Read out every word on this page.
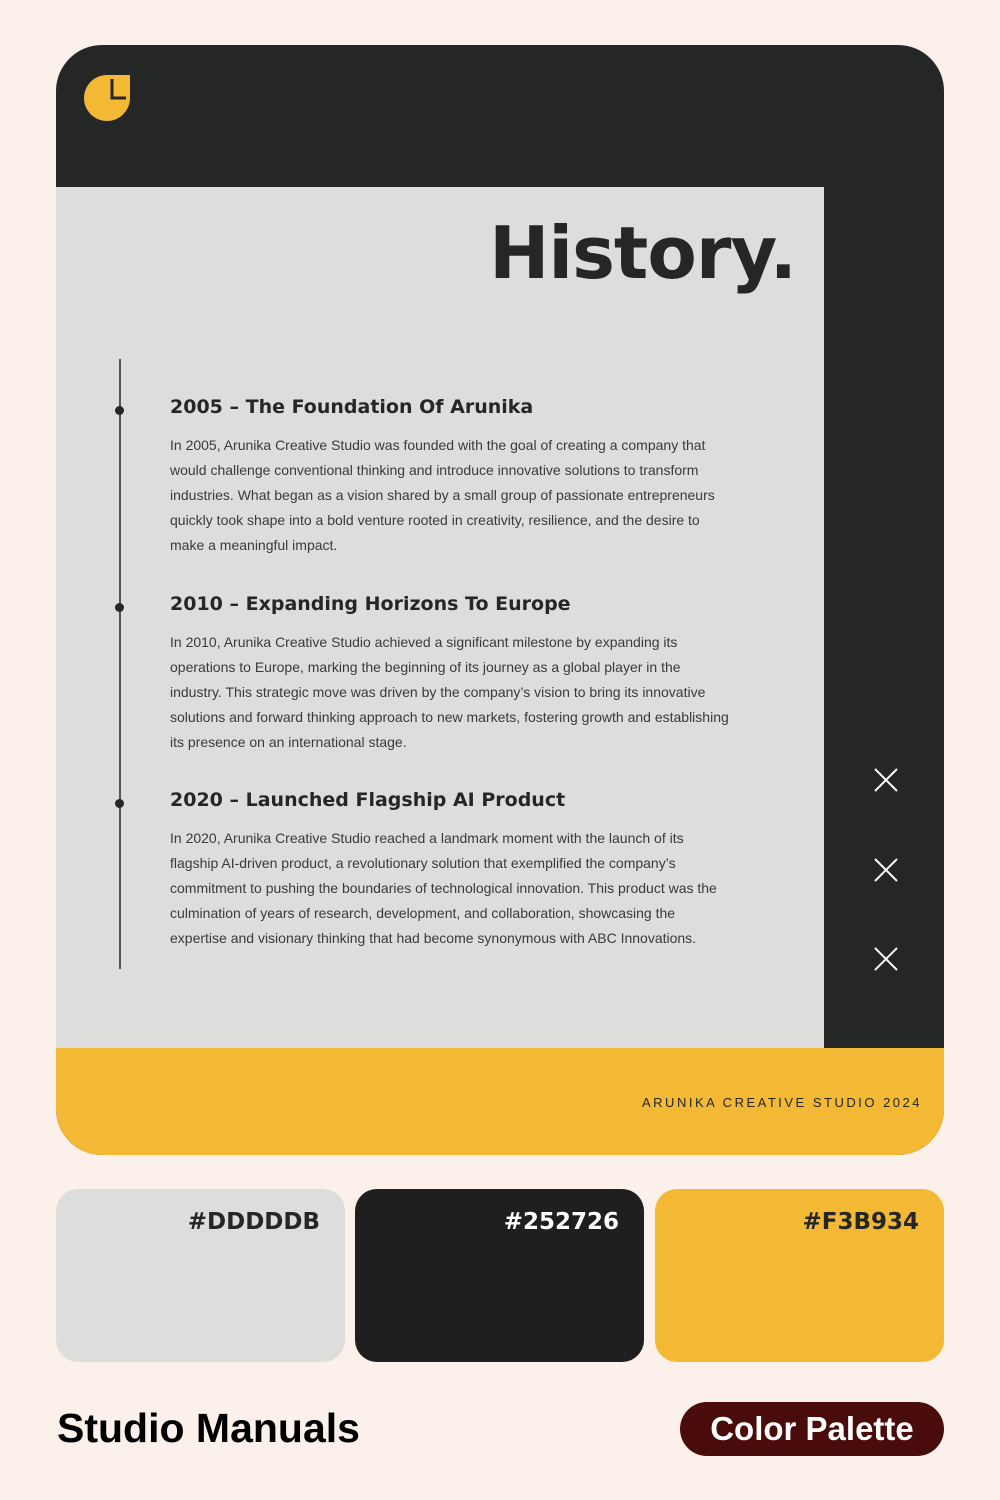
History.
2005 – The Foundation Of Arunika

In 2005, Arunika Creative Studio was founded with the goal of creating a company that would challenge conventional thinking and introduce innovative solutions to transform industries. What began as a vision shared by a small group of passionate entrepreneurs quickly took shape into a bold venture rooted in creativity, resilience, and the desire to make a meaningful impact.

2010 – Expanding Horizons To Europe

In 2010, Arunika Creative Studio achieved a significant milestone by expanding its operations to Europe, marking the beginning of its journey as a global player in the industry. This strategic move was driven by the company’s vision to bring its innovative solutions and forward thinking approach to new markets, fostering growth and establishing its presence on an international stage.

2020 – Launched Flagship AI Product

In 2020, Arunika Creative Studio reached a landmark moment with the launch of its flagship AI-driven product, a revolutionary solution that exemplified the company’s commitment to pushing the boundaries of technological innovation. This product was the culmination of years of research, development, and collaboration, showcasing the expertise and visionary thinking that had become synonymous with ABC Innovations.

ARUNIKA CREATIVE STUDIO 2024
#DDDDDB	#252726	#F3B934
Studio Manuals	Color Palette
